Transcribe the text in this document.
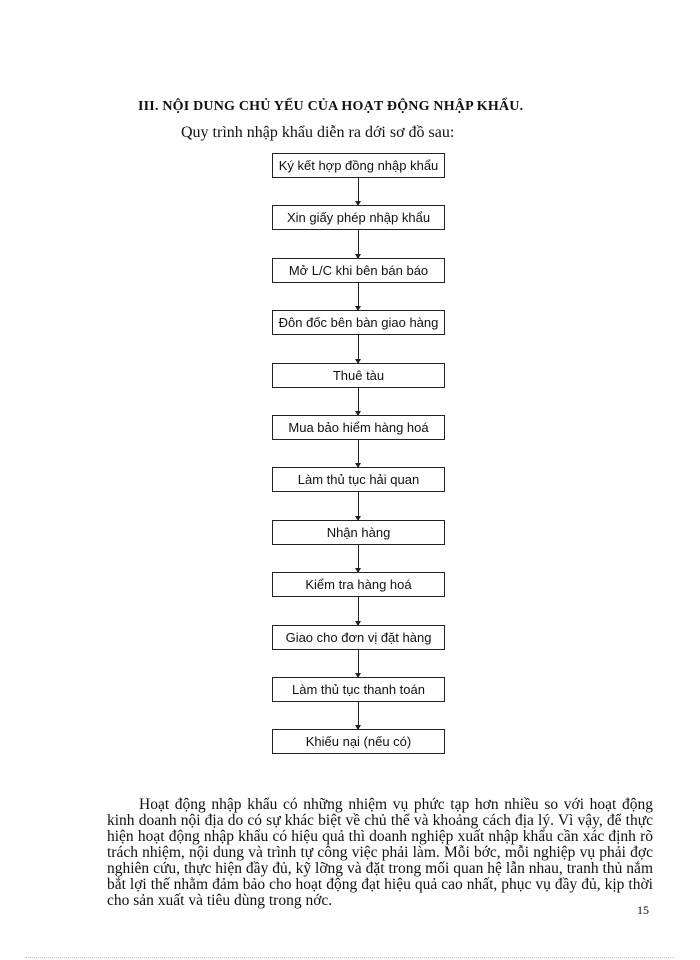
III. NỘI DUNG CHỦ YẾU CỦA HOẠT ĐỘNG NHẬP KHẨU.
Quy trình nhập khẩu diễn ra dới sơ đồ sau:
Ký kết hợp đồng nhập khẩu
Xin giấy phép nhập khẩu
Mở L/C khi bên bán báo
Đôn đốc bên bàn giao hàng
Thuê tàu
Mua bảo hiểm hàng hoá
Làm thủ tục hải quan
Nhận hàng
Kiểm tra hàng hoá
Giao cho đơn vị đặt hàng
Làm thủ tục thanh toán
Khiếu nại (nếu có)

Hoạt động nhập khẩu có những nhiệm vụ phức tạp hơn nhiều so với hoạt động kinh doanh nội địa do có sự khác biệt về chủ thể và khoảng cách địa lý. Vì vậy, để thực hiện hoạt động nhập khẩu có hiệu quả thì doanh nghiệp xuất nhập khẩu cần xác định rõ trách nhiệm, nội dung và trình tự công việc phải làm. Mỗi bớc, mỗi nghiệp vụ phải đợc nghiên cứu, thực hiện đầy đủ, kỹ lỡng và đặt trong mối quan hệ lẫn nhau, tranh thủ nắm bắt lợi thế nhằm đảm bảo cho hoạt động đạt hiệu quả cao nhất, phục vụ đầy đủ, kịp thời cho sản xuất và tiêu dùng trong nớc.

15
